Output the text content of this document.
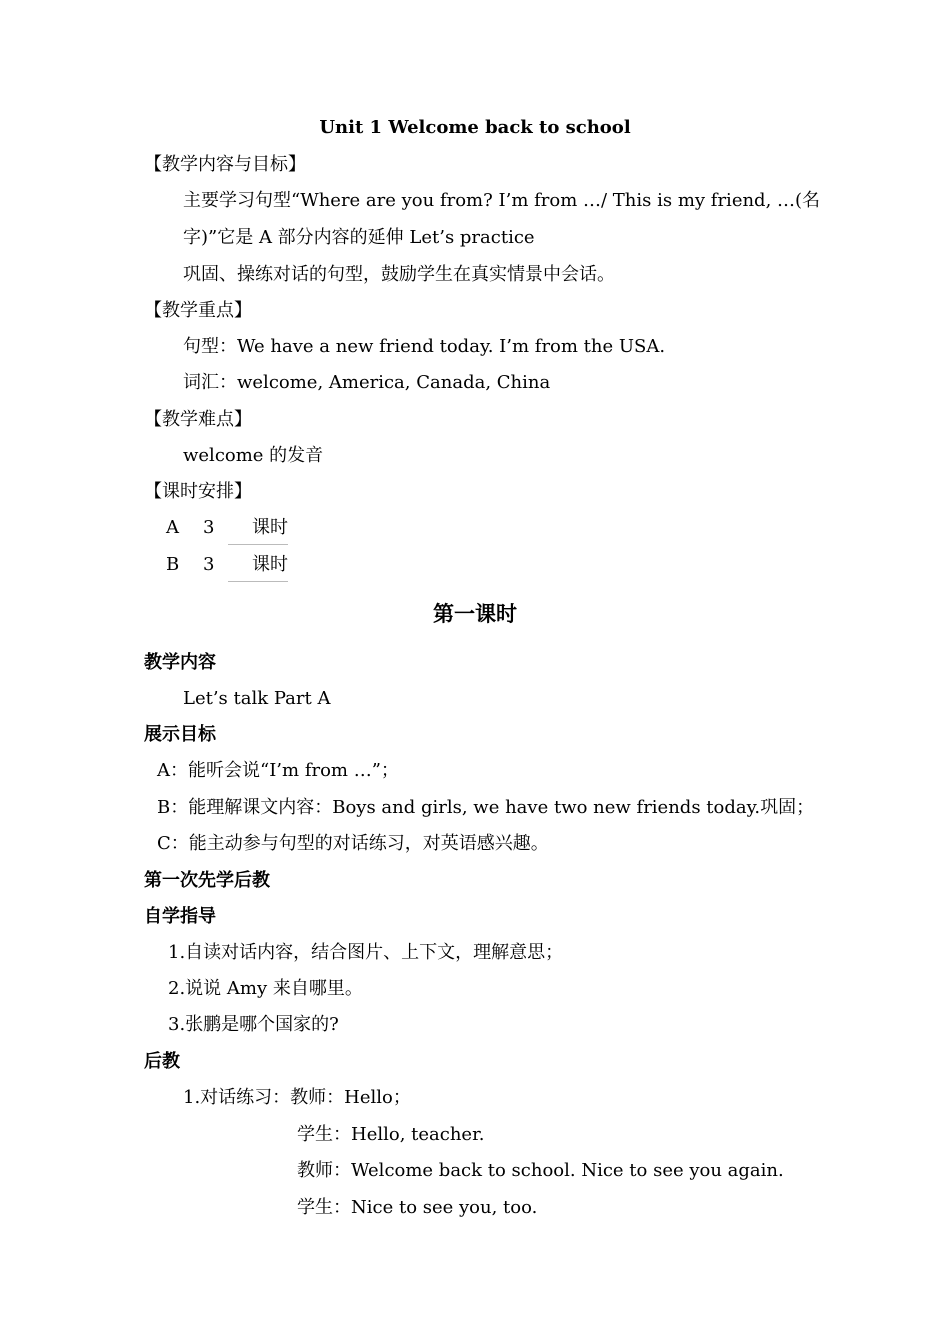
Unit 1 Welcome back to school
【教学内容与目标】
主要学习句型“Where are you from? I’m from …/ This is my friend, …(名
字)”它是 A 部分内容的延伸 Let’s practice
巩固、操练对话的句型，鼓励学生在真实情景中会话。
【教学重点】
句型：We have a new friend today. I’m from the USA.
词汇：welcome, America, Canada, China
【教学难点】
welcome 的发音
【课时安排】
A 3 课时
B 3 课时
第一课时
教学内容
Let’s talk Part A
展示目标
A：能听会说“I’m from …”；
B：能理解课文内容：Boys and girls, we have two new friends today.巩固；
C：能主动参与句型的对话练习，对英语感兴趣。
第一次先学后教
自学指导
1.自读对话内容，结合图片、上下文，理解意思；
2.说说 Amy 来自哪里。
3.张鹏是哪个国家的?
后教
1.对话练习：教师：Hello；
学生：Hello, teacher.
教师：Welcome back to school. Nice to see you again.
学生：Nice to see you, too.
